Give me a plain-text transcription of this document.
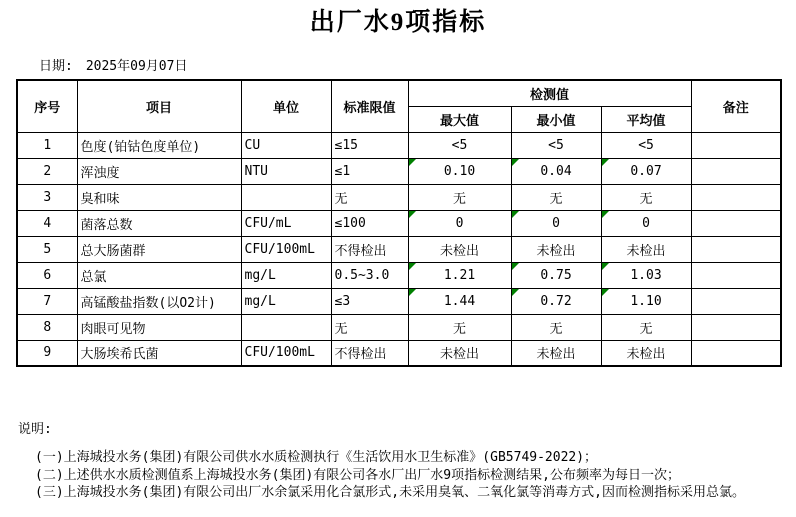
出厂水9项指标
日期: 2025年09月07日
序号	项目	单位	标准限值	检测值			备注
				最大值	最小值	平均值	
1	色度(铂钴色度单位)	CU	≤15	<5	<5	<5	
2	浑浊度	NTU	≤1	0.10	0.04	0.07	
3	臭和味		无	无	无	无	
4	菌落总数	CFU/mL	≤100	0	0	0	
5	总大肠菌群	CFU/100mL	不得检出	未检出	未检出	未检出	
6	总氯	mg/L	0.5~3.0	1.21	0.75	1.03	
7	高锰酸盐指数(以O2计)	mg/L	≤3	1.44	0.72	1.10	
8	肉眼可见物		无	无	无	无	
9	大肠埃希氏菌	CFU/100mL	不得检出	未检出	未检出	未检出	
说明:
(一)上海城投水务(集团)有限公司供水水质检测执行《生活饮用水卫生标准》(GB5749-2022)；
(二)上述供水水质检测值系上海城投水务(集团)有限公司各水厂出厂水9项指标检测结果,公布频率为每日一次；
(三)上海城投水务(集团)有限公司出厂水余氯采用化合氯形式,未采用臭氧、二氧化氯等消毒方式,因而检测指标采用总氯。
